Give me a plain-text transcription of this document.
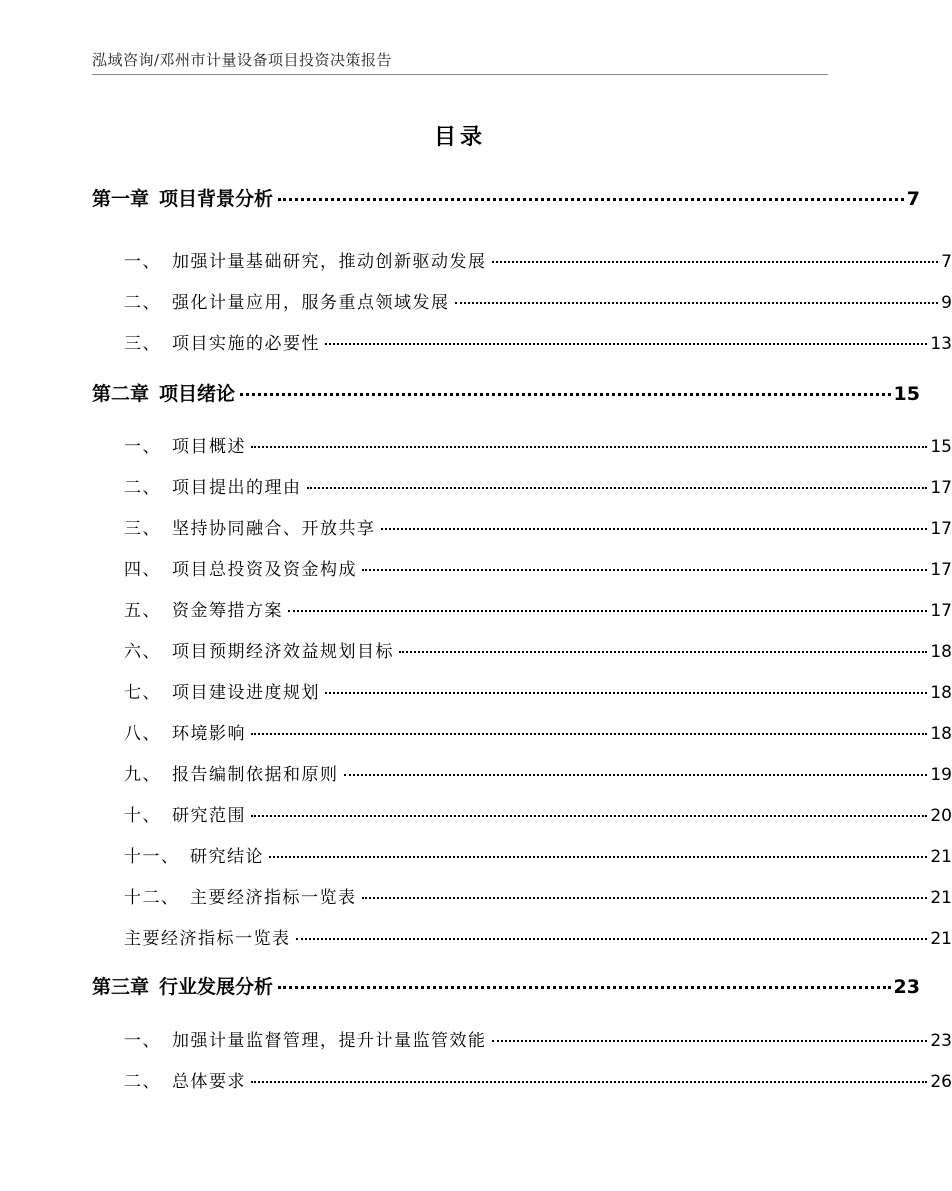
泓域咨询/邓州市计量设备项目投资决策报告
目录
第一章 项目背景分析	7
一、 加强计量基础研究，推动创新驱动发展	7
二、 强化计量应用，服务重点领域发展	9
三、 项目实施的必要性	13
第二章 项目绪论	15
一、 项目概述	15
二、 项目提出的理由	17
三、 坚持协同融合、开放共享	17
四、 项目总投资及资金构成	17
五、 资金筹措方案	17
六、 项目预期经济效益规划目标	18
七、 项目建设进度规划	18
八、 环境影响	18
九、 报告编制依据和原则	19
十、 研究范围	20
十一、 研究结论	21
十二、 主要经济指标一览表	21
主要经济指标一览表	21
第三章 行业发展分析	23
一、 加强计量监督管理，提升计量监管效能	23
二、 总体要求	26
